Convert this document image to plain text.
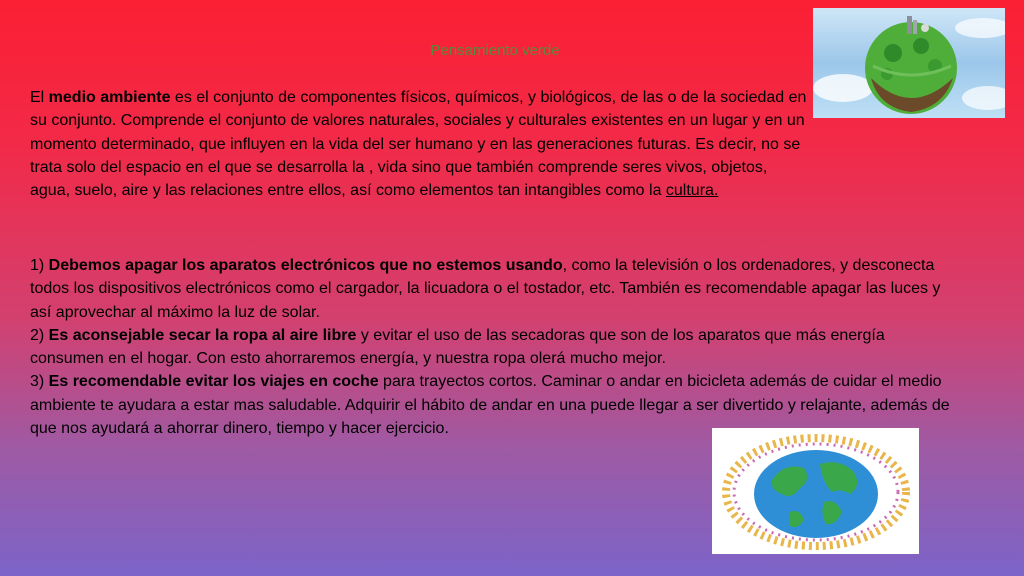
Pensamiento verde
El medio ambiente es el conjunto de componentes físicos, químicos, y biológicos, de las o de la sociedad en su conjunto. Comprende el conjunto de valores naturales, sociales y culturales existentes en un lugar y en un momento determinado, que influyen en la vida del ser humano y en las generaciones futuras. Es decir, no se trata solo del espacio en el que se desarrolla la , vida sino que también comprende seres vivos, objetos, agua, suelo, aire y las relaciones entre ellos, así como elementos tan intangibles como la cultura.

1) Debemos apagar los aparatos electrónicos que no estemos usando, como la televisión o los ordenadores, y desconecta todos los dispositivos electrónicos como el cargador, la licuadora o el tostador, etc. También es recomendable apagar las luces y así aprovechar al máximo la luz de solar.

2) Es aconsejable secar la ropa al aire libre y evitar el uso de las secadoras que son de los aparatos que más energía consumen en el hogar. Con esto ahorraremos energía, y nuestra ropa olerá mucho mejor.

3) Es recomendable evitar los viajes en coche para trayectos cortos. Caminar o andar en bicicleta además de cuidar el medio ambiente te ayudara a estar mas saludable. Adquirir el hábito de andar en una puede llegar a ser divertido y relajante, además de que nos ayudará a ahorrar dinero, tiempo y hacer ejercicio.
